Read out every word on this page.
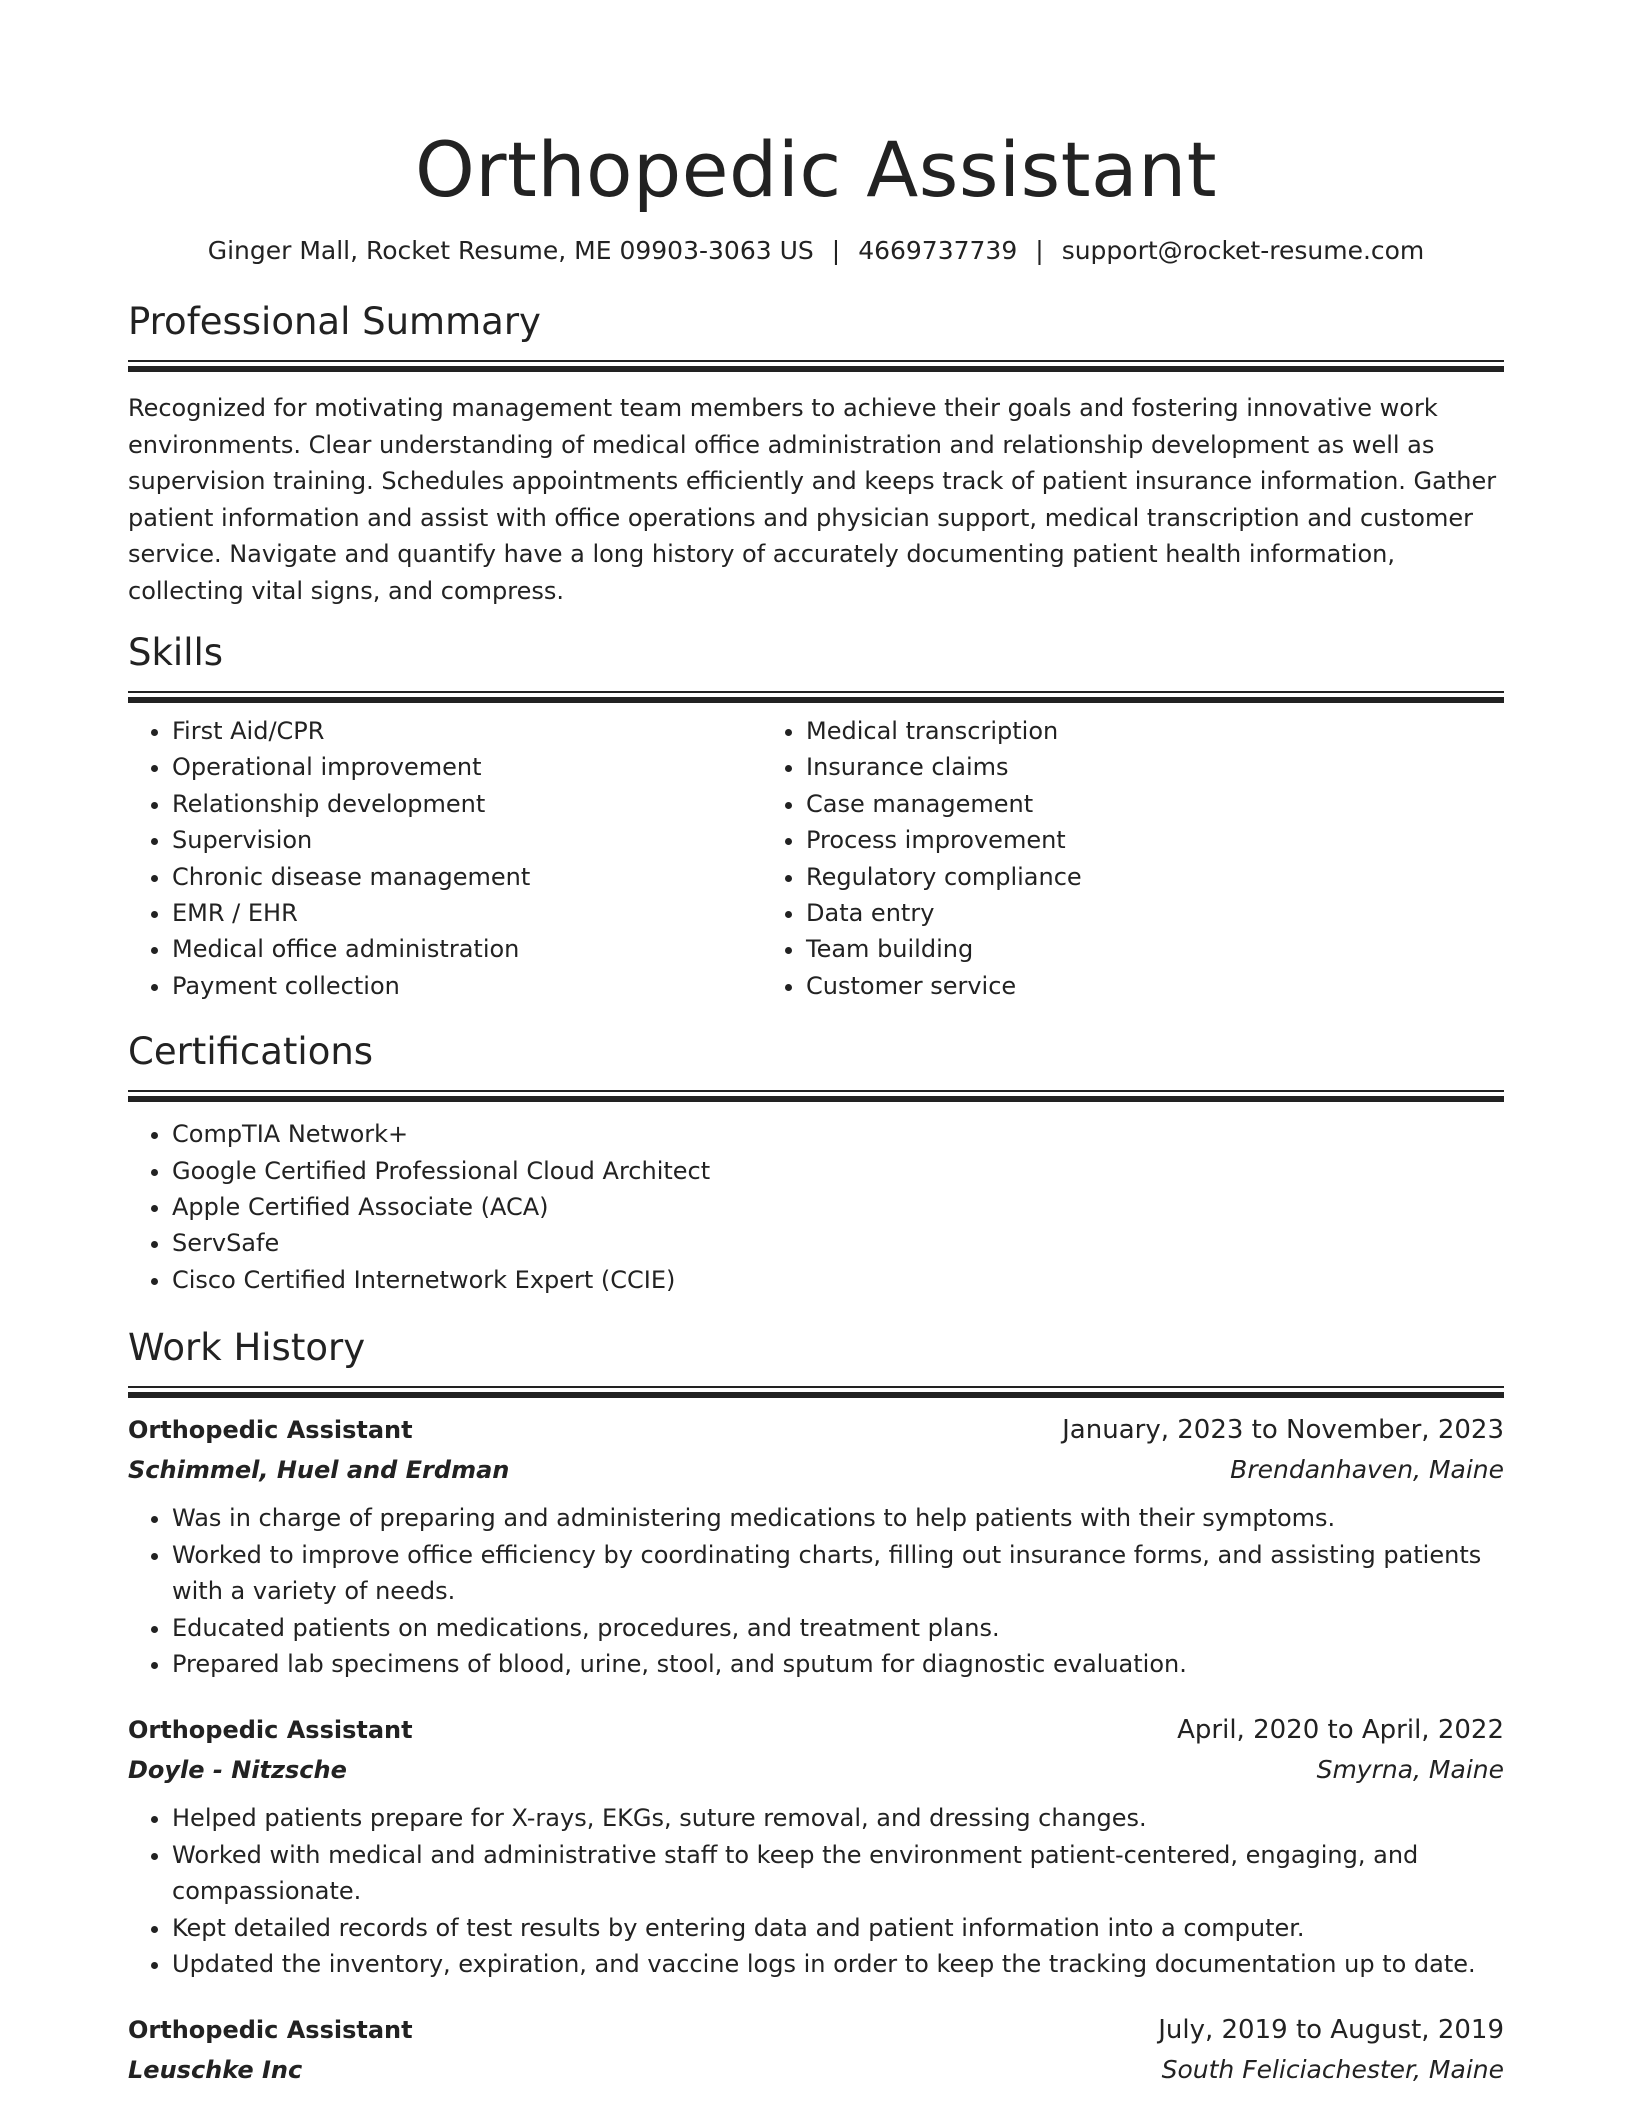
Orthopedic Assistant
Ginger Mall, Rocket Resume, ME 09903-3063 US | 4669737739 | support@rocket-resume.com
Professional Summary

Recognized for motivating management team members to achieve their goals and fostering innovative work environments. Clear understanding of medical office administration and relationship development as well as supervision training. Schedules appointments efficiently and keeps track of patient insurance information. Gather patient information and assist with office operations and physician support, medical transcription and customer service. Navigate and quantify have a long history of accurately documenting patient health information, collecting vital signs, and compress.

Skills
• First Aid/CPR
• Operational improvement
• Relationship development
• Supervision
• Chronic disease management
• EMR / EHR
• Medical office administration
• Payment collection
• Medical transcription
• Insurance claims
• Case management
• Process improvement
• Regulatory compliance
• Data entry
• Team building
• Customer service
Certifications
• CompTIA Network+
• Google Certified Professional Cloud Architect
• Apple Certified Associate (ACA)
• ServSafe
• Cisco Certified Internetwork Expert (CCIE)
Work History
Orthopedic Assistant	January, 2023 to November, 2023
Schimmel, Huel and Erdman	Brendanhaven, Maine
• Was in charge of preparing and administering medications to help patients with their symptoms.
• Worked to improve office efficiency by coordinating charts, filling out insurance forms, and assisting patients with a variety of needs.
• Educated patients on medications, procedures, and treatment plans.
• Prepared lab specimens of blood, urine, stool, and sputum for diagnostic evaluation.
Orthopedic Assistant	April, 2020 to April, 2022
Doyle - Nitzsche	Smyrna, Maine
• Helped patients prepare for X-rays, EKGs, suture removal, and dressing changes.
• Worked with medical and administrative staff to keep the environment patient-centered, engaging, and compassionate.
• Kept detailed records of test results by entering data and patient information into a computer.
• Updated the inventory, expiration, and vaccine logs in order to keep the tracking documentation up to date.
Orthopedic Assistant	July, 2019 to August, 2019
Leuschke Inc	South Feliciachester, Maine
